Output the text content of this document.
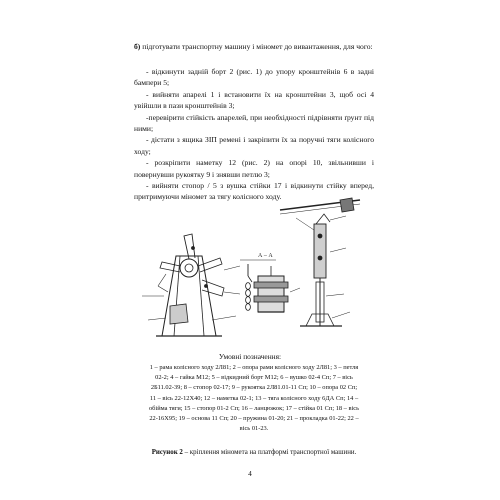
б) підготувати транспортну машину і міномет до вивантаження, для чого:

- відкинути задній борт 2 (рис. 1) до упору кронштейнів 6 в задні бампери 5;
- вийняти апарелі 1 і встановити їх на кронштейни 3, щоб осі 4 увійшли в пази кронштейнів 3;
-перевірити стійкість апарелей, при необхідності підрівняти ґрунт під ними;
- дістати з ящика ЗІП ремені і закріпити їх за поручні тяги колісного ходу;
- розкріпити наметку 12 (рис. 2) на опорі 10, звільнивши і повернувши рукоятку 9 і знявши петлю 3;
- вийняти стопор / 5 з вушка стійки 17 і відкинути стійку вперед, притримуючи міномет за тягу колісного ходу.
А – А

Умовні позначення:

1 – рама колісного ходу 2Л81; 2 – опора рами колісного ходу 2Л81; 3 – петля 02-2; 4 – гайка М12; 5 – відкидний борт М12; 6 – вушко 02-4 Сп; 7 – вісь 2Б11.02-39; 8 – стопор 02-17; 9 – рукоятка 2Л81.01-11 Сп; 10 – опора 02 Сп; 11 – вісь 22-12Х40; 12 – наметка 02-1; 13 – тяга колісного ходу 6ДА Сп; 14 – обійма тяги; 15 – стопор 01-2 Сп; 16 – ланцюжок; 17 – стійка 01 Сп; 18 – вісь 22-16Х95; 19 – основа 11 Сп; 20 – пружина 01-20; 21 – прокладка 01-22; 22 – вісь 01-23.

Рисунок 2 – кріплення міномета на платформі транспортної машини.

4
